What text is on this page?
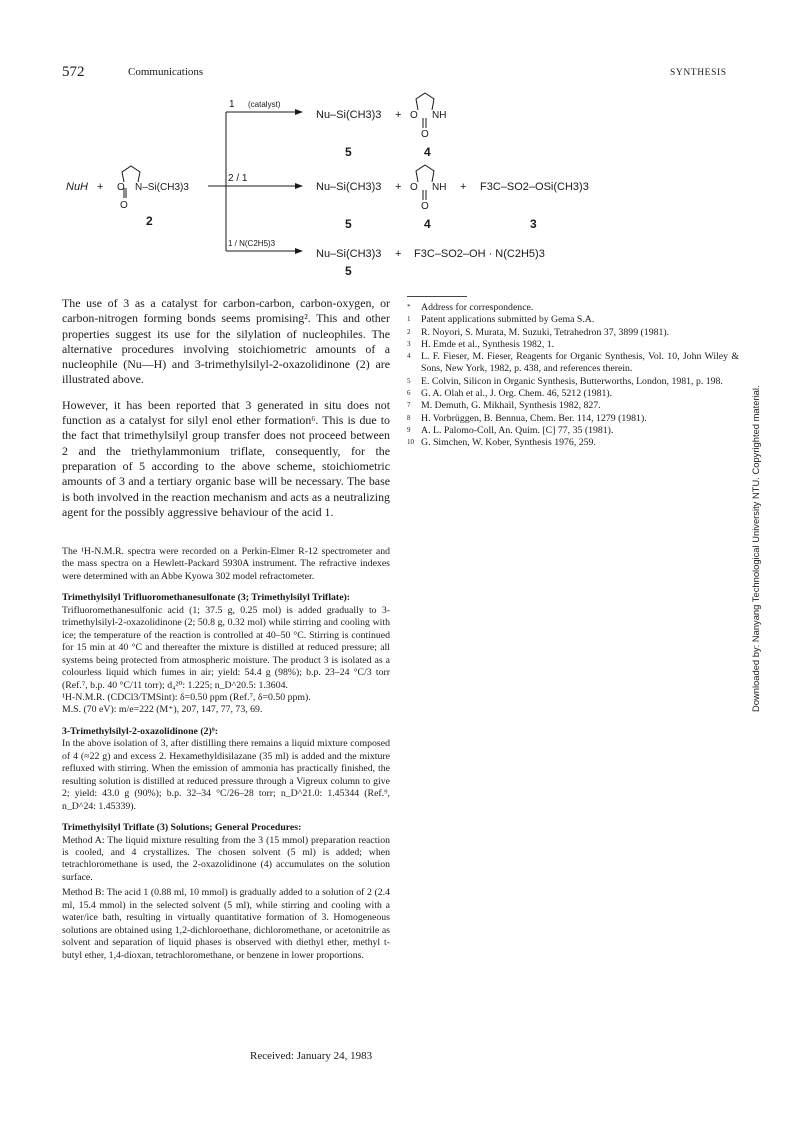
572	Communications	SYNTHESIS
NuH + O N–Si(CH3)3
O
2
1 (catalyst)
2 / 1
1 / N(C2H5)3
Nu–Si(CH3)3 + O NH
O
5	4
Nu–Si(CH3)3 + O NH
O
+ F3C–SO2–OSi(CH3)3
5	4	3
Nu–Si(CH3)3 + F3C–SO2–OH · N(C2H5)3
5

The use of 3 as a catalyst for carbon-carbon, carbon-oxygen, or carbon-nitrogen forming bonds seems promising². This and other properties suggest its use for the silylation of nucleophiles. The alternative procedures involving stoichiometric amounts of a nucleophile (Nu—H) and 3-trimethylsilyl-2-oxazolidinone (2) are illustrated above.

However, it has been reported that 3 generated in situ does not function as a catalyst for silyl enol ether formation⁶. This is due to the fact that trimethylsilyl group transfer does not proceed between 2 and the triethylammonium triflate, consequently, for the preparation of 5 according to the above scheme, stoichiometric amounts of 3 and a tertiary organic base will be necessary. The base is both involved in the reaction mechanism and acts as a neutralizing agent for the possibly aggressive behaviour of the acid 1.

The ¹H-N.M.R. spectra were recorded on a Perkin-Elmer R-12 spectrometer and the mass spectra on a Hewlett-Packard 5930A instrument. The refractive indexes were determined with an Abbe Kyowa 302 model refractometer.

Trimethylsilyl Trifluoromethanesulfonate (3; Trimethylsilyl Triflate):

Trifluoromethanesulfonic acid (1; 37.5 g, 0.25 mol) is added gradually to 3-trimethylsilyl-2-oxazolidinone (2; 50.8 g, 0.32 mol) while stirring and cooling with ice; the temperature of the reaction is controlled at 40–50 °C. Stirring is continued for 15 min at 40 °C and thereafter the mixture is distilled at reduced pressure; all systems being protected from atmospheric moisture. The product 3 is isolated as a colourless liquid which fumes in air; yield: 54.4 g (98%); b.p. 23–24 °C/3 torr (Ref.⁷, b.p. 40 °C/11 torr); d₄²⁰: 1.225; n_D^20.5: 1.3604.

¹H-N.M.R. (CDCl3/TMSint): δ=0.50 ppm (Ref.⁷, δ=0.50 ppm).

M.S. (70 eV): m/e=222 (M⁺), 207, 147, 77, 73, 69.

3-Trimethylsilyl-2-oxazolidinone (2)⁹:

In the above isolation of 3, after distilling there remains a liquid mixture composed of 4 (≈22 g) and excess 2. Hexamethyldisilazane (35 ml) is added and the mixture refluxed with stirring. When the emission of ammonia has practically finished, the resulting solution is distilled at reduced pressure through a Vigreux column to give 2; yield: 43.0 g (90%); b.p. 32–34 °C/26–28 torr; n_D^21.0: 1.45344 (Ref.⁹, n_D^24: 1.45339).

Trimethylsilyl Triflate (3) Solutions; General Procedures:

Method A: The liquid mixture resulting from the 3 (15 mmol) preparation reaction is cooled, and 4 crystallizes. The chosen solvent (5 ml) is added; when tetrachloromethane is used, the 2-oxazolidinone (4) accumulates on the solution surface.

Method B: The acid 1 (0.88 ml, 10 mmol) is gradually added to a solution of 2 (2.4 ml, 15.4 mmol) in the selected solvent (5 ml), while stirring and cooling with a water/ice bath, resulting in virtually quantitative formation of 3. Homogeneous solutions are obtained using 1,2-dichloroethane, dichloromethane, or acetonitrile as solvent and separation of liquid phases is observed with diethyl ether, methyl t-butyl ether, 1,4-dioxan, tetrachloromethane, or benzene in lower proportions.

Received: January 24, 1983

* Address for correspondence.

1 Patent applications submitted by Gema S.A.

2 R. Noyori, S. Murata, M. Suzuki, Tetrahedron 37, 3899 (1981).

3 H. Emde et al., Synthesis 1982, 1.

4 L. F. Fieser, M. Fieser, Reagents for Organic Synthesis, Vol. 10, John Wiley & Sons, New York, 1982, p. 438, and references therein.

5 E. Colvin, Silicon in Organic Synthesis, Butterworths, London, 1981, p. 198.

6 G. A. Olah et al., J. Org. Chem. 46, 5212 (1981).

7 M. Demuth, G. Mikhail, Synthesis 1982, 827.

8 H. Vorbrüggen, B. Bennua, Chem. Ber. 114, 1279 (1981).

9 A. L. Palomo-Coll, An. Quim. [C] 77, 35 (1981).

10 G. Simchen, W. Kober, Synthesis 1976, 259.	Downloaded by: Nanyang Technological University NTU. Copyrighted material.
